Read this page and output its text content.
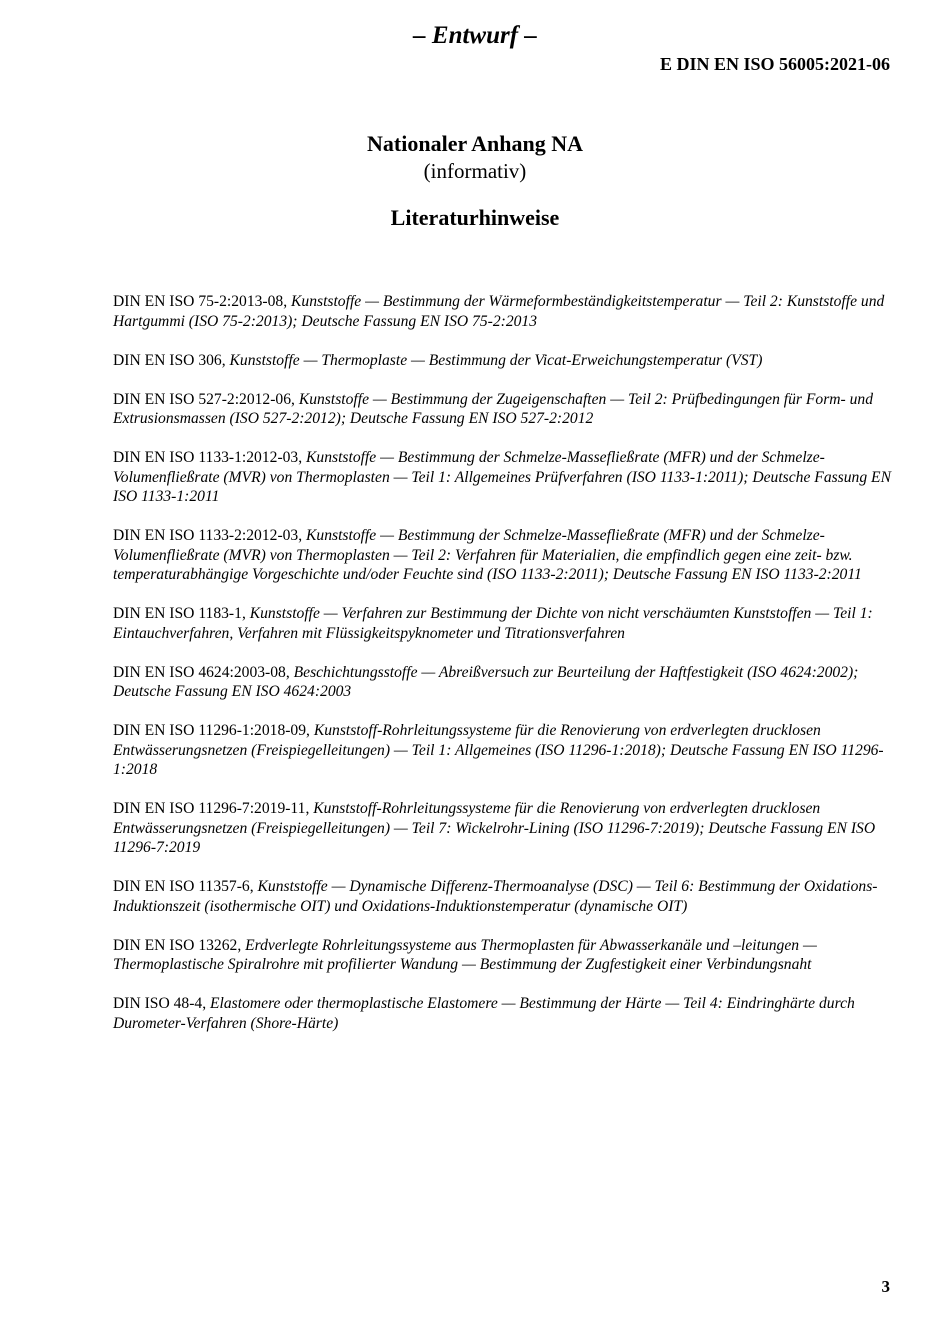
– Entwurf –
E DIN EN ISO 56005:2021-06
Nationaler Anhang NA
(informativ)
Literaturhinweise

DIN EN ISO 75-2:2013-08, Kunststoffe — Bestimmung der Wärmeformbeständigkeitstemperatur — Teil 2: Kunststoffe und Hartgummi (ISO 75-2:2013); Deutsche Fassung EN ISO 75-2:2013

DIN EN ISO 306, Kunststoffe — Thermoplaste — Bestimmung der Vicat-Erweichungstemperatur (VST)

DIN EN ISO 527-2:2012-06, Kunststoffe — Bestimmung der Zugeigenschaften — Teil 2: Prüfbedingungen für Form- und Extrusionsmassen (ISO 527-2:2012); Deutsche Fassung EN ISO 527-2:2012

DIN EN ISO 1133-1:2012-03, Kunststoffe — Bestimmung der Schmelze-Massefließrate (MFR) und der Schmelze-Volumenfließrate (MVR) von Thermoplasten — Teil 1: Allgemeines Prüfverfahren (ISO 1133-1:2011); Deutsche Fassung EN ISO 1133-1:2011

DIN EN ISO 1133-2:2012-03, Kunststoffe — Bestimmung der Schmelze-Massefließrate (MFR) und der Schmelze-Volumenfließrate (MVR) von Thermoplasten — Teil 2: Verfahren für Materialien, die empfindlich gegen eine zeit- bzw. temperaturabhängige Vorgeschichte und/oder Feuchte sind (ISO 1133-2:2011); Deutsche Fassung EN ISO 1133-2:2011

DIN EN ISO 1183-1, Kunststoffe — Verfahren zur Bestimmung der Dichte von nicht verschäumten Kunststoffen — Teil 1: Eintauchverfahren, Verfahren mit Flüssigkeitspyknometer und Titrationsverfahren

DIN EN ISO 4624:2003-08, Beschichtungsstoffe — Abreißversuch zur Beurteilung der Haftfestigkeit (ISO 4624:2002); Deutsche Fassung EN ISO 4624:2003

DIN EN ISO 11296-1:2018-09, Kunststoff-Rohrleitungssysteme für die Renovierung von erdverlegten drucklosen Entwässerungsnetzen (Freispiegelleitungen) — Teil 1: Allgemeines (ISO 11296-1:2018); Deutsche Fassung EN ISO 11296-1:2018

DIN EN ISO 11296-7:2019-11, Kunststoff-Rohrleitungssysteme für die Renovierung von erdverlegten drucklosen Entwässerungsnetzen (Freispiegelleitungen) — Teil 7: Wickelrohr-Lining (ISO 11296-7:2019); Deutsche Fassung EN ISO 11296-7:2019

DIN EN ISO 11357-6, Kunststoffe — Dynamische Differenz-Thermoanalyse (DSC) — Teil 6: Bestimmung der Oxidations-Induktionszeit (isothermische OIT) und Oxidations-Induktionstemperatur (dynamische OIT)

DIN EN ISO 13262, Erdverlegte Rohrleitungssysteme aus Thermoplasten für Abwasserkanäle und –leitungen — Thermoplastische Spiralrohre mit profilierter Wandung — Bestimmung der Zugfestigkeit einer Verbindungsnaht

DIN ISO 48-4, Elastomere oder thermoplastische Elastomere — Bestimmung der Härte — Teil 4: Eindringhärte durch Durometer-Verfahren (Shore-Härte)

3
